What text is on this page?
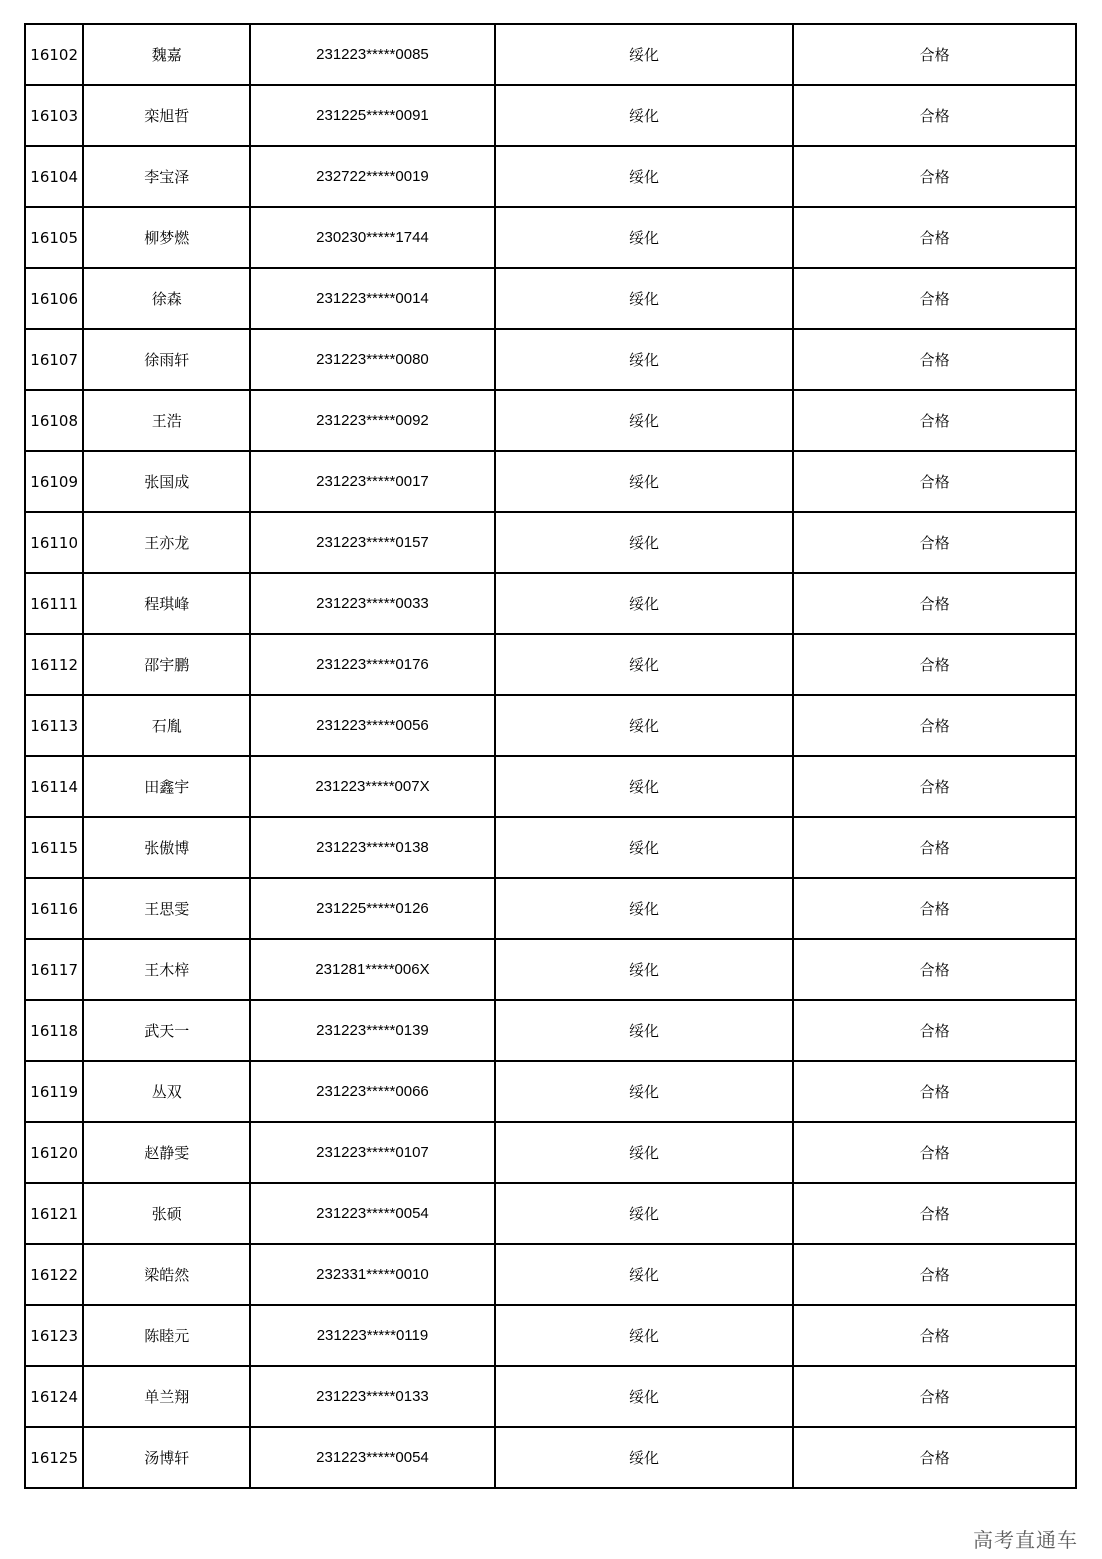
16102	魏嘉	231223*****0085	绥化	合格
16103	栾旭哲	231225*****0091	绥化	合格
16104	李宝泽	232722*****0019	绥化	合格
16105	柳梦燃	230230*****1744	绥化	合格
16106	徐森	231223*****0014	绥化	合格
16107	徐雨轩	231223*****0080	绥化	合格
16108	王浩	231223*****0092	绥化	合格
16109	张国成	231223*****0017	绥化	合格
16110	王亦龙	231223*****0157	绥化	合格
16111	程琪峰	231223*****0033	绥化	合格
16112	邵宇鹏	231223*****0176	绥化	合格
16113	石胤	231223*****0056	绥化	合格
16114	田鑫宇	231223*****007X	绥化	合格
16115	张傲博	231223*****0138	绥化	合格
16116	王思雯	231225*****0126	绥化	合格
16117	王木梓	231281*****006X	绥化	合格
16118	武天一	231223*****0139	绥化	合格
16119	丛双	231223*****0066	绥化	合格
16120	赵静雯	231223*****0107	绥化	合格
16121	张硕	231223*****0054	绥化	合格
16122	梁皓然	232331*****0010	绥化	合格
16123	陈睦元	231223*****0119	绥化	合格
16124	单兰翔	231223*****0133	绥化	合格
16125	汤博轩	231223*****0054	绥化	合格
高考直通车
